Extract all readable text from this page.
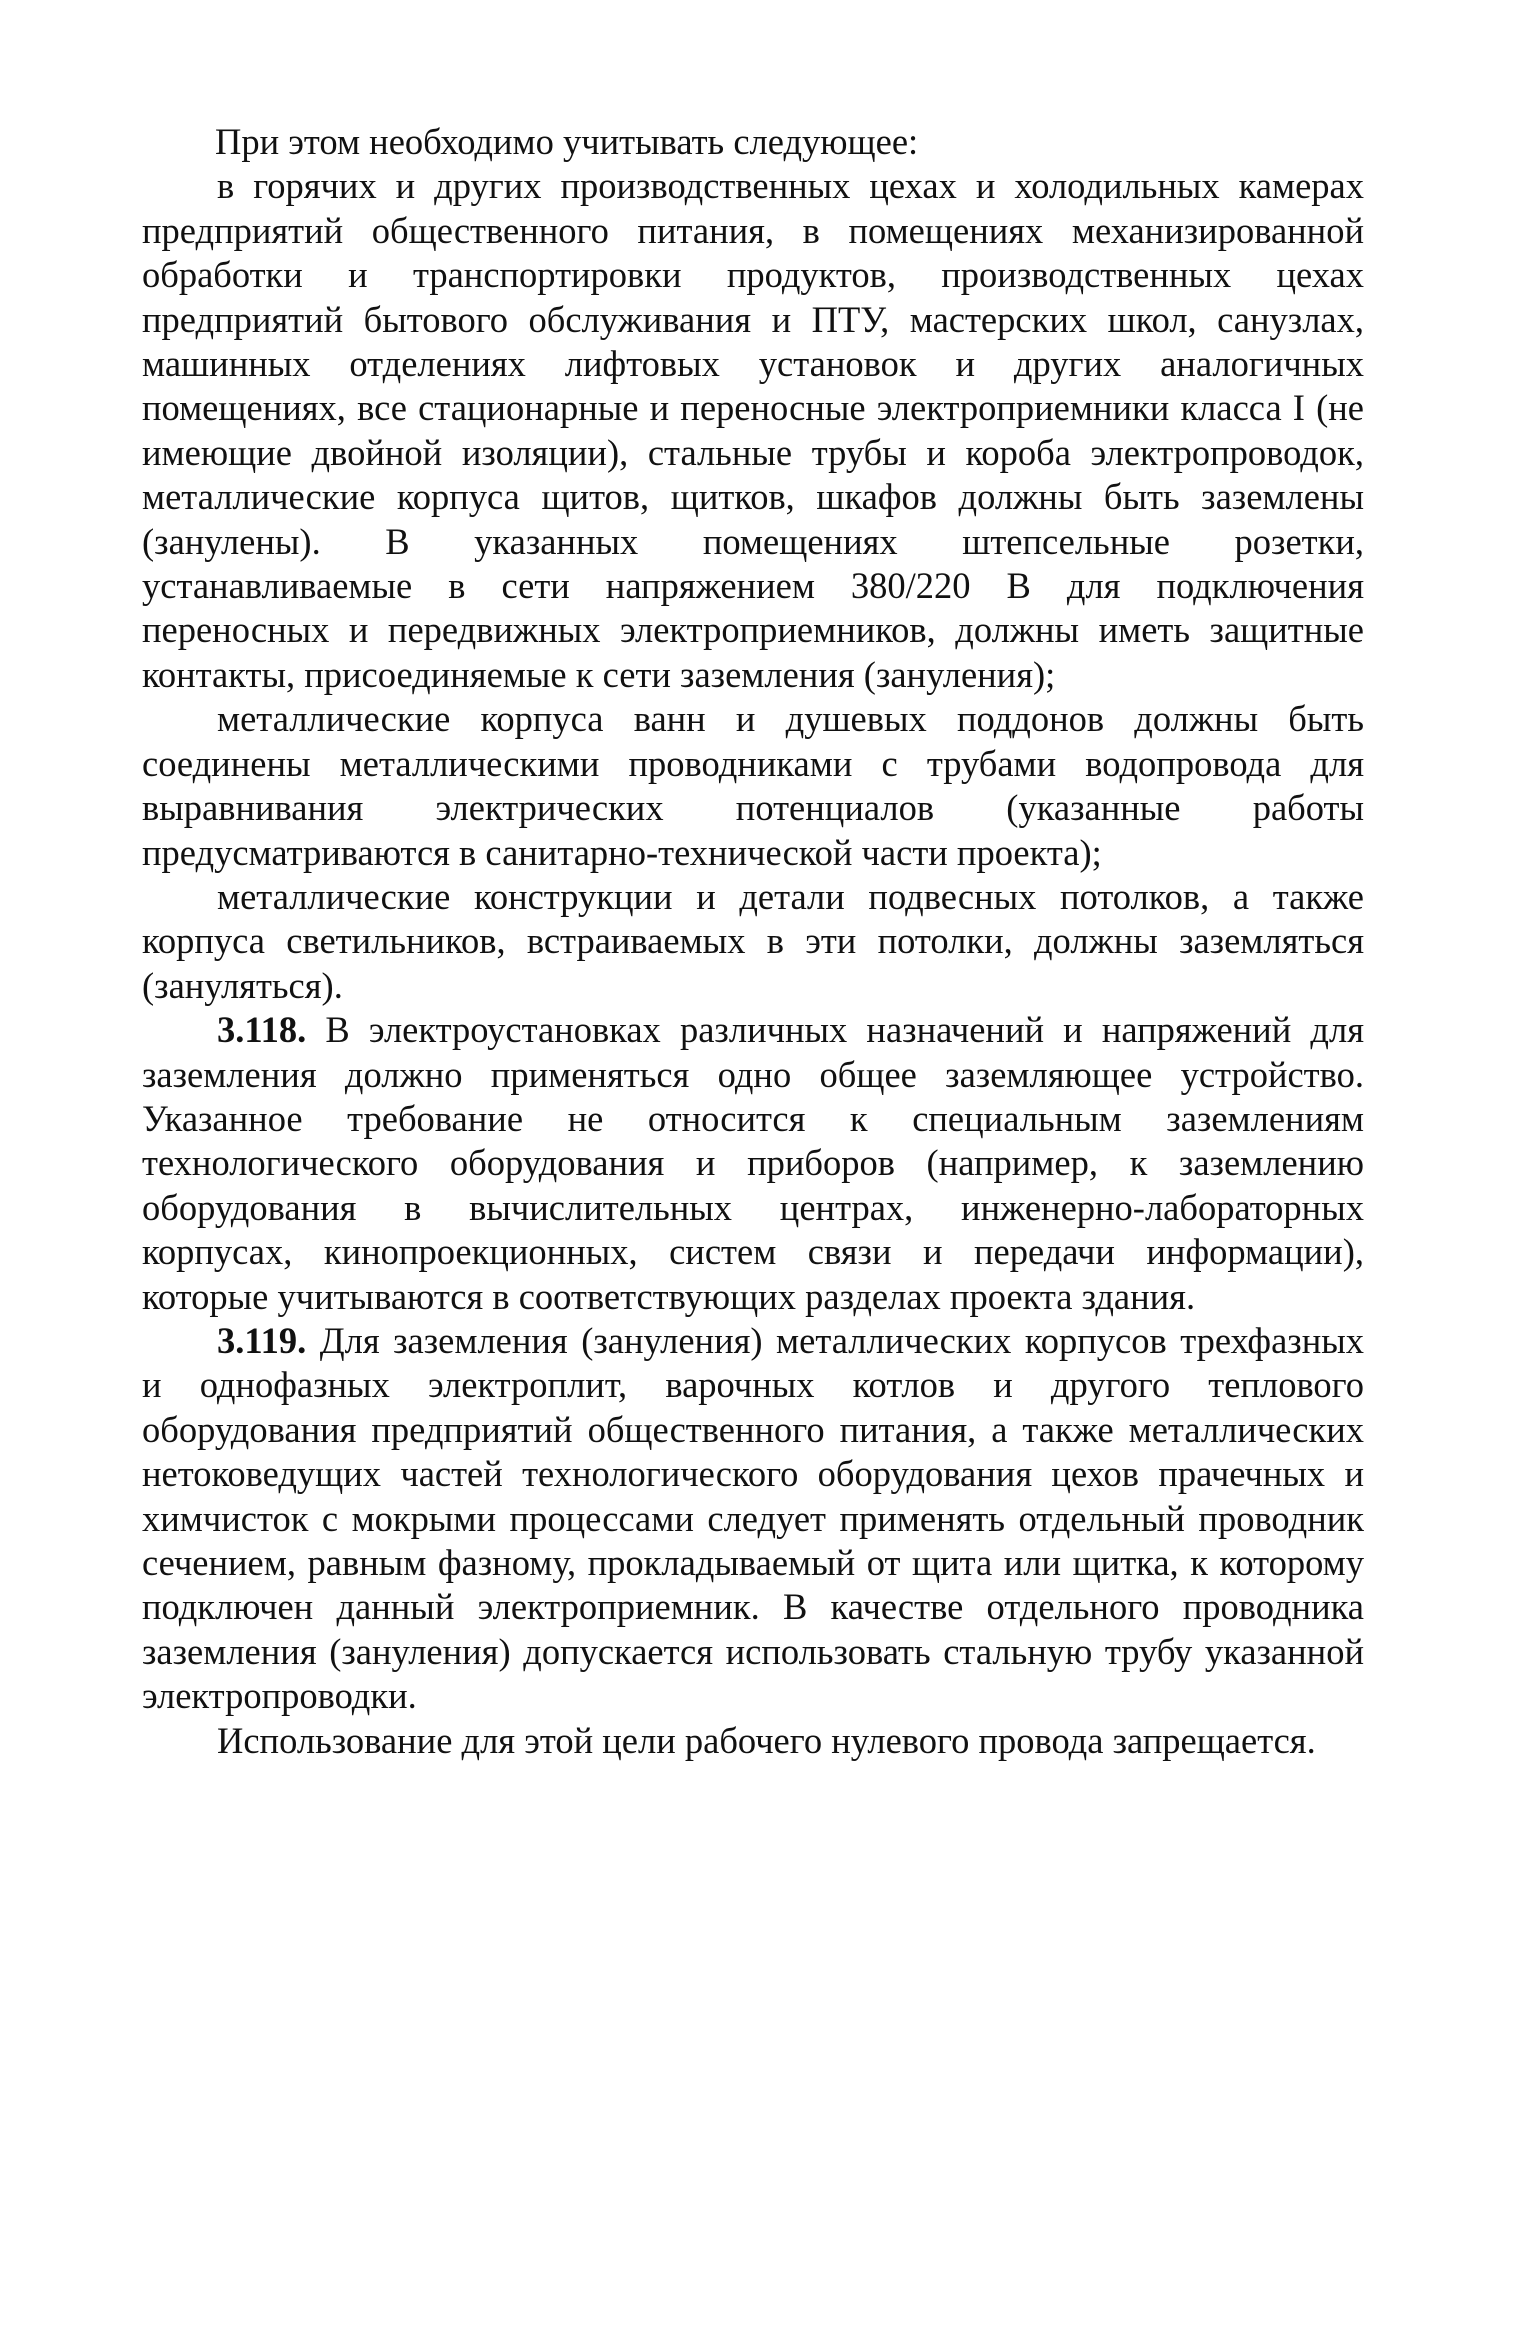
При этом необходимо учитывать следующее:

в горячих и других производственных цехах и холодильных камерах предприятий общественного питания, в помещениях механизированной обработки и транспортировки продуктов, производственных цехах предприятий бытового обслуживания и ПТУ, мастерских школ, санузлах, машинных отделениях лифтовых установок и других аналогичных помещениях, все стационарные и переносные электроприемники класса I (не имеющие двойной изоляции), стальные трубы и короба электропроводок, металлические корпуса щитов, щитков, шкафов должны быть заземлены (занулены). В указанных помещениях штепсельные розетки, устанавливаемые в сети напряжением 380/220 В для подключения переносных и передвижных электроприемников, должны иметь защитные контакты, присоединяемые к сети заземления (зануления);

металлические корпуса ванн и душевых поддонов должны быть соединены металлическими проводниками с трубами водопровода для выравнивания электрических потенциалов (указанные работы предусматриваются в санитарно-технической части проекта);

металлические конструкции и детали подвесных потолков, а также корпуса светильников, встраиваемых в эти потолки, должны заземляться (зануляться).

3.118. В электроустановках различных назначений и напряжений для заземления должно применяться одно общее заземляющее устройство. Указанное требование не относится к специальным заземлениям технологического оборудования и приборов (например, к заземлению оборудования в вычислительных центрах, инженерно-лабораторных корпусах, кинопроекционных, систем связи и передачи информации), которые учитываются в соответствующих разделах проекта здания.

3.119. Для заземления (зануления) металлических корпусов трехфазных и однофазных электроплит, варочных котлов и другого теплового оборудования предприятий общественного питания, а также металлических нетоковедущих частей технологического оборудования цехов прачечных и химчисток с мокрыми процессами следует применять отдельный проводник сечением, равным фазному, прокладываемый от щита или щитка, к которому подключен данный электроприемник. В качестве отдельного проводника заземления (зануления) допускается использовать стальную трубу указанной электропроводки.

Использование для этой цели рабочего нулевого провода запрещается.
